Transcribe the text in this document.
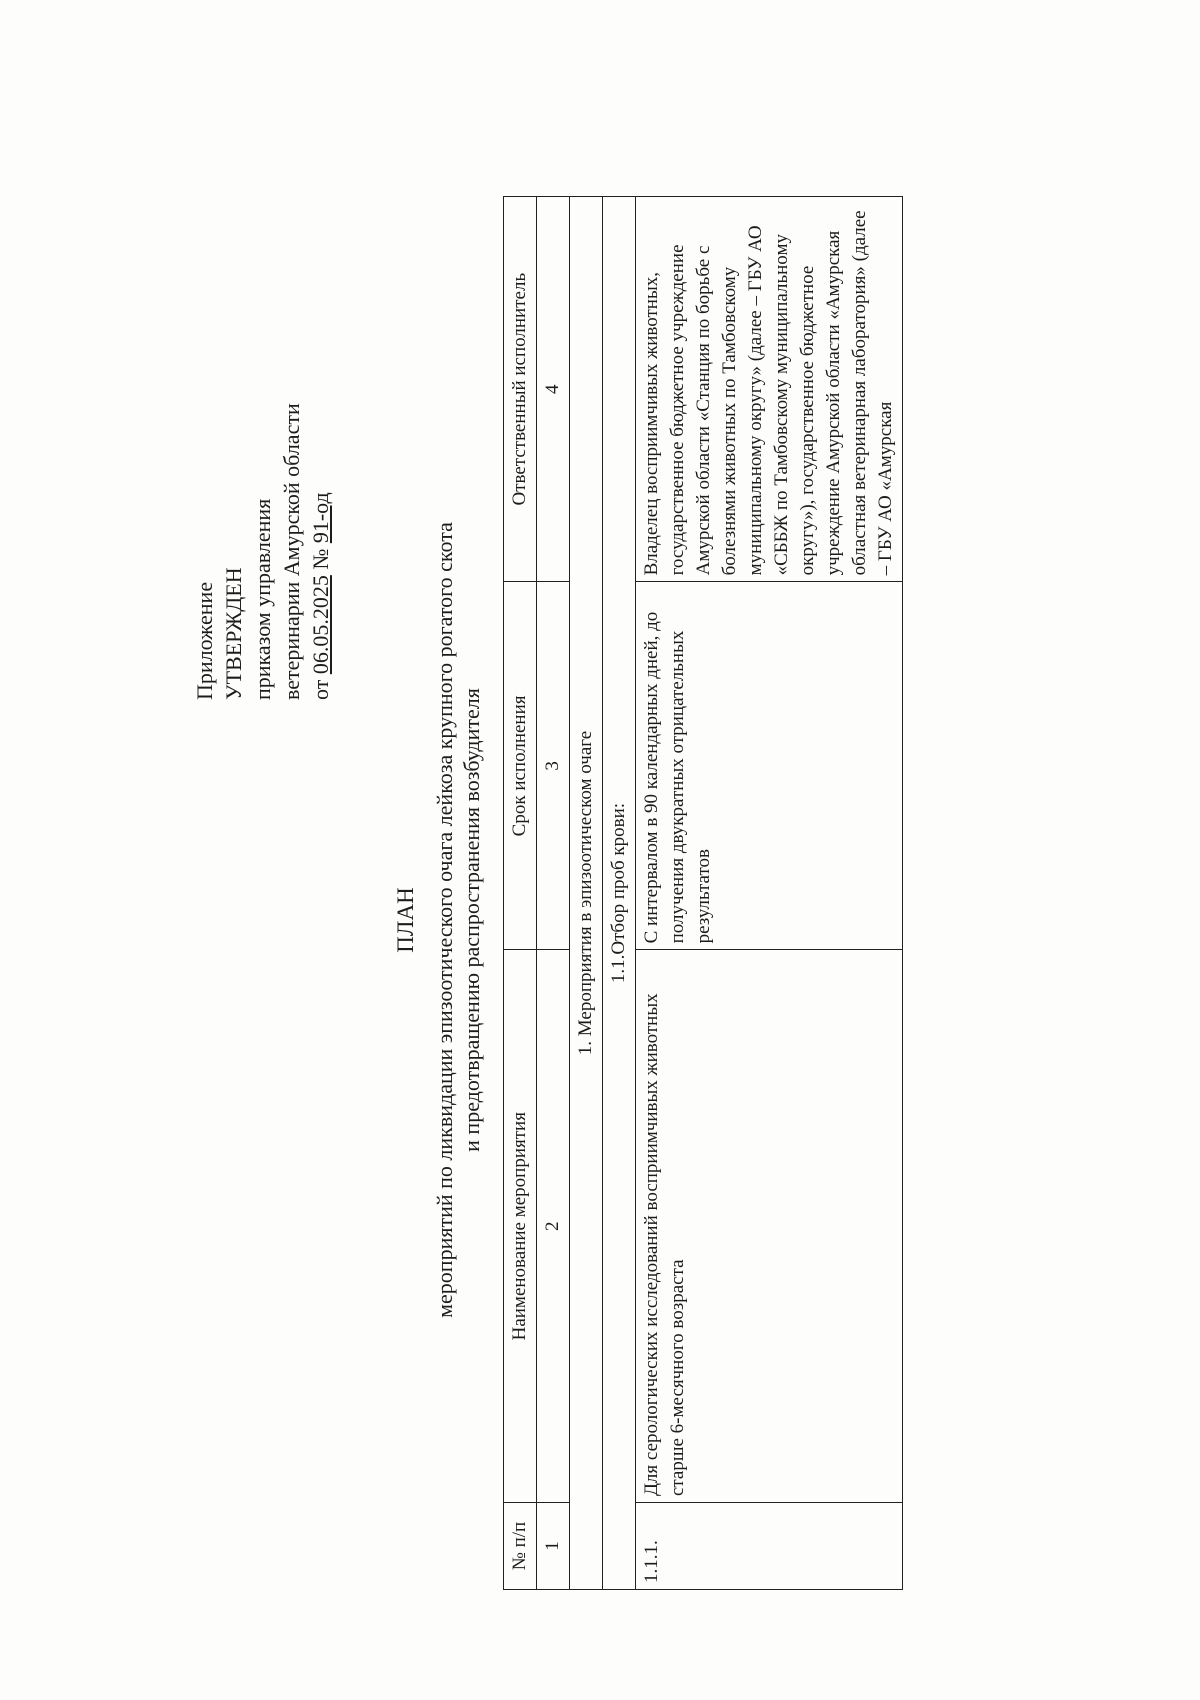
Приложение УТВЕРЖДЕН приказом управления ветеринарии Амурской области от 06.05.2025 № 91-од
ПЛАН мероприятий по ликвидации эпизоотического очага лейкоза крупного рогатого скота и предотвращению распространения возбудителя
№ п/п	Наименование мероприятия	Срок исполнения	Ответственный исполнитель
1	2	3	4
1. Мероприятия в эпизоотическом очаге			
1.1.Отбор проб крови:			
1.1.1.	Для серологических исследований восприимчивых животных старше 6-месячного возраста	С интервалом в 90 календарных дней, до получения двукратных отрицательных результатов	Владелец восприимчивых животных, государственное бюджетное учреждение Амурской области «Станция по борьбе с болезнями животных по Тамбовскому муниципальному округу» (далее – ГБУ АО «СББЖ по Тамбовскому муниципальному округу»), государственное бюджетное учреждение Амурской области «Амурская областная ветеринарная лаборатория» (далее – ГБУ АО «Амурская
